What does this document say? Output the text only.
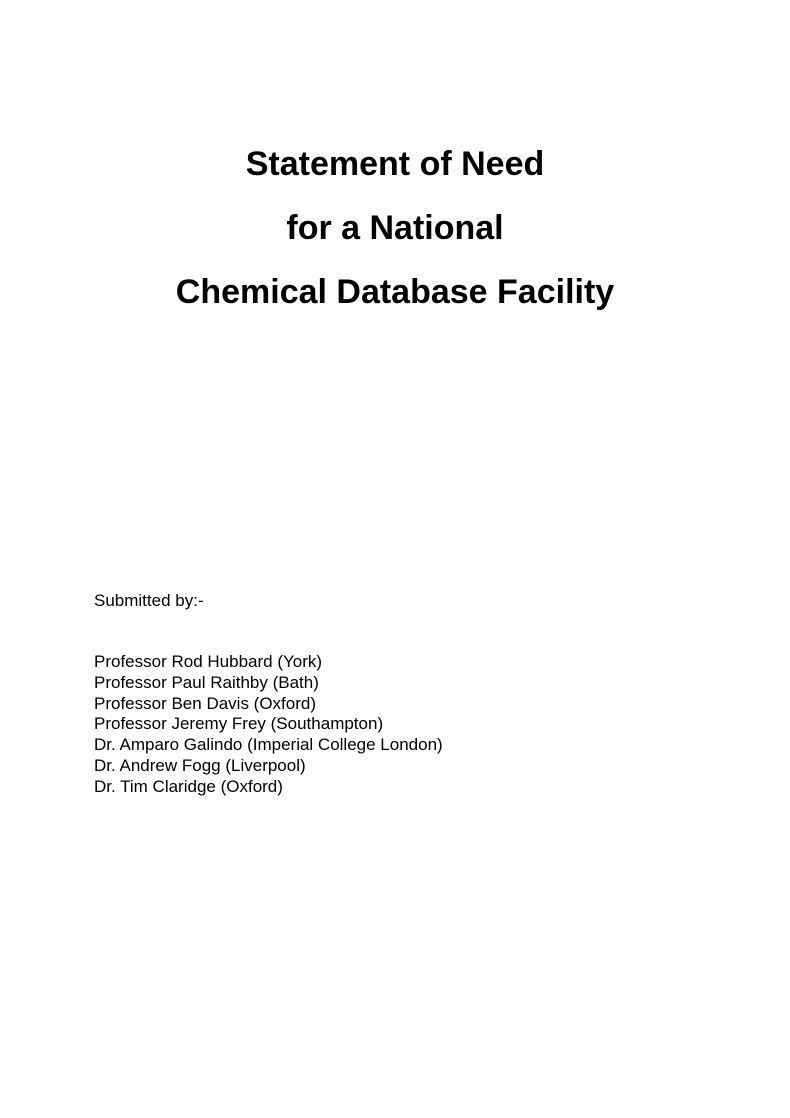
Statement of Need
for a National
Chemical Database Facility
Submitted by:-
Professor Rod Hubbard (York)
Professor Paul Raithby (Bath)
Professor Ben Davis (Oxford)
Professor Jeremy Frey (Southampton)
Dr. Amparo Galindo (Imperial College London)
Dr. Andrew Fogg (Liverpool)
Dr. Tim Claridge (Oxford)
